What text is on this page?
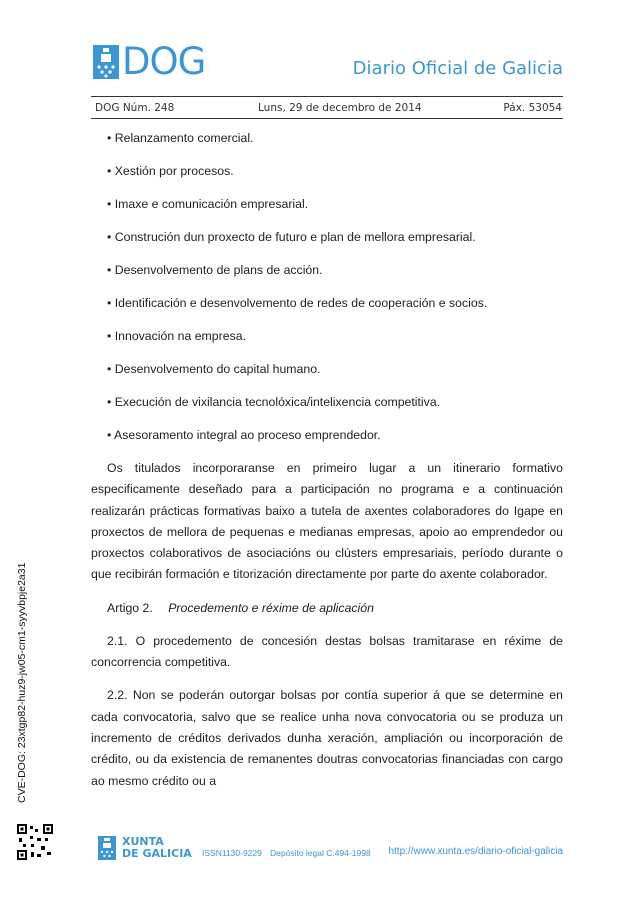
DOG	Diario Oficial de Galicia
DOG Núm. 248	Luns, 29 de decembro de 2014	Páx. 53054

• Relanzamento comercial.

• Xestión por procesos.

• Imaxe e comunicación empresarial.

• Construción dun proxecto de futuro e plan de mellora empresarial.

• Desenvolvemento de plans de acción.

• Identificación e desenvolvemento de redes de cooperación e socios.

• Innovación na empresa.

• Desenvolvemento do capital humano.

• Execución de vixilancia tecnolóxica/intelixencia competitiva.

• Asesoramento integral ao proceso emprendedor.

Os titulados incorporaranse en primeiro lugar a un itinerario formativo especificamente deseñado para a participación no programa e a continuación realizarán prácticas formativas baixo a tutela de axentes colaboradores do Igape en proxectos de mellora de pequenas e medianas empresas, apoio ao emprendedor ou proxectos colaborativos de asociacións ou clústers empresariais, período durante o que recibirán formación e titorización directamente por parte do axente colaborador.

Artigo 2. Procedemento e réxime de aplicación

2.1. O procedemento de concesión destas bolsas tramitarase en réxime de concorrencia competitiva.

2.2. Non se poderán outorgar bolsas por contía superior á que se determine en cada convocatoria, salvo que se realice unha nova convocatoria ou se produza un incremento de créditos derivados dunha xeración, ampliación ou incorporación de crédito, ou da existencia de remanentes doutras convocatorias financiadas con cargo ao mesmo crédito ou a

CVE-DOG: 23xtgp82-huz9-jw05-cm1-syyvbpje2a31
XUNTA
DE GALICIA ISSN1130-9229 Depósito legal C.494-1998 http://www.xunta.es/diario-oficial-galicia
